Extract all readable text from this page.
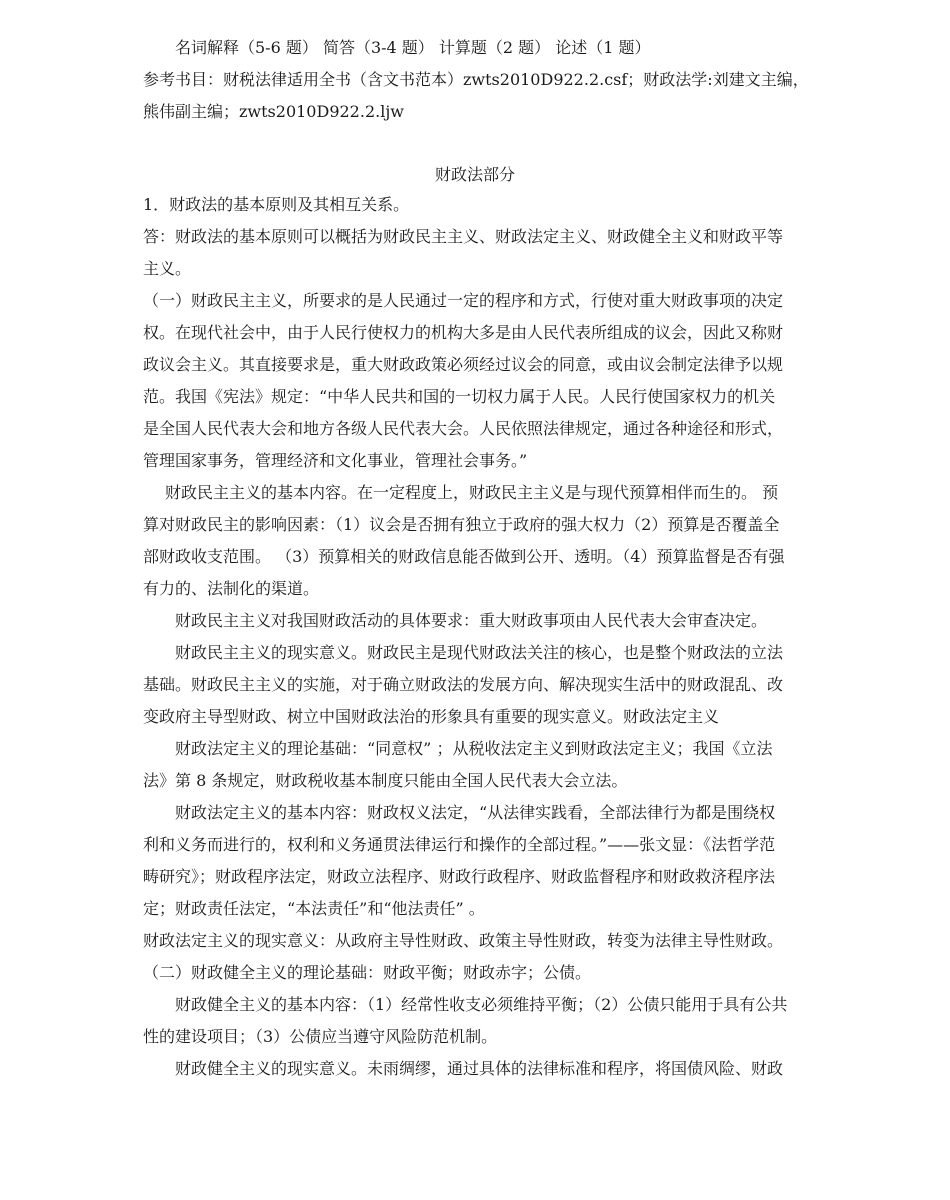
名词解释（5-6 题） 简答（3-4 题） 计算题（2 题） 论述（1 题）
参考书目：财税法律适用全书（含文书范本）zwts2010D922.2.csf；财政法学:刘建文主编，
熊伟副主编；zwts2010D922.2.ljw
财政法部分
1．财政法的基本原则及其相互关系。
答：财政法的基本原则可以概括为财政民主主义、财政法定主义、财政健全主义和财政平等
主义。
（一）财政民主主义，所要求的是人民通过一定的程序和方式，行使对重大财政事项的决定
权。在现代社会中，由于人民行使权力的机构大多是由人民代表所组成的议会，因此又称财
政议会主义。其直接要求是，重大财政政策必须经过议会的同意，或由议会制定法律予以规
范。我国《宪法》规定：“中华人民共和国的一切权力属于人民。人民行使国家权力的机关
是全国人民代表大会和地方各级人民代表大会。人民依照法律规定，通过各种途径和形式，
管理国家事务，管理经济和文化事业，管理社会事务。”
财政民主主义的基本内容。在一定程度上，财政民主主义是与现代预算相伴而生的。 预
算对财政民主的影响因素：（1）议会是否拥有独立于政府的强大权力（2）预算是否覆盖全
部财政收支范围。 （3）预算相关的财政信息能否做到公开、透明。（4）预算监督是否有强
有力的、法制化的渠道。
财政民主主义对我国财政活动的具体要求：重大财政事项由人民代表大会审查决定。
财政民主主义的现实意义。财政民主是现代财政法关注的核心，也是整个财政法的立法
基础。财政民主主义的实施，对于确立财政法的发展方向、解决现实生活中的财政混乱、改
变政府主导型财政、树立中国财政法治的形象具有重要的现实意义。财政法定主义
财政法定主义的理论基础：“同意权” ；从税收法定主义到财政法定主义；我国《立法
法》第 8 条规定，财政税收基本制度只能由全国人民代表大会立法。
财政法定主义的基本内容：财政权义法定，“从法律实践看，全部法律行为都是围绕权
利和义务而进行的，权利和义务通贯法律运行和操作的全部过程。”——张文显：《法哲学范
畴研究》；财政程序法定，财政立法程序、财政行政程序、财政监督程序和财政救济程序法
定；财政责任法定，“本法责任”和“他法责任” 。
财政法定主义的现实意义：从政府主导性财政、政策主导性财政，转变为法律主导性财政。
（二）财政健全主义的理论基础：财政平衡；财政赤字；公债。
财政健全主义的基本内容：（1）经常性收支必须维持平衡；（2）公债只能用于具有公共
性的建设项目；（3）公债应当遵守风险防范机制。
财政健全主义的现实意义。未雨绸缪，通过具体的法律标准和程序，将国债风险、财政
